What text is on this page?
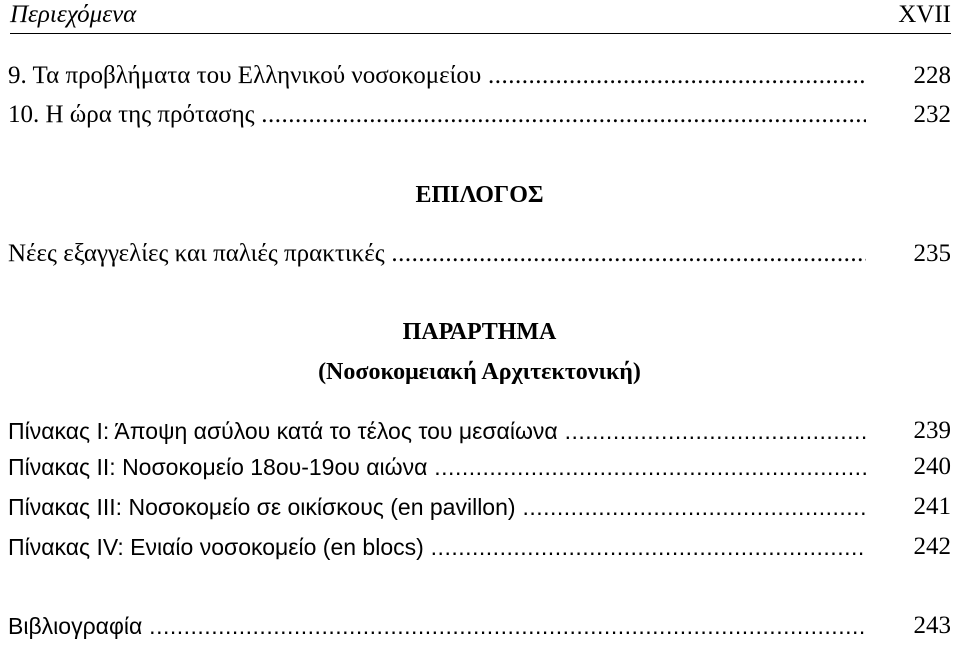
Περιεχόμενα	XVII
9. Τα προβλήματα του Ελληνικού νοσοκομείου .....	228
10. Η ώρα της πρότασης .....	232
ΕΠΙΛΟΓΟΣ
Νέες εξαγγελίες και παλιές πρακτικές .....	235
ΠΑΡΑΡΤΗΜΑ
(Νοσοκομειακή Αρχιτεκτονική)
Πίνακας Ι: Άποψη ασύλου κατά το τέλος του μεσαίωνα .....	239
Πίνακας ΙΙ: Νοσοκομείο 18ου-19ου αιώνα .....	240
Πίνακας ΙΙΙ: Νοσοκομείο σε οικίσκους (en pavillon) .....	241
Πίνακας IV: Ενιαίο νοσοκομείο (en blocs) .....	242
Βιβλιογραφία .....	243
